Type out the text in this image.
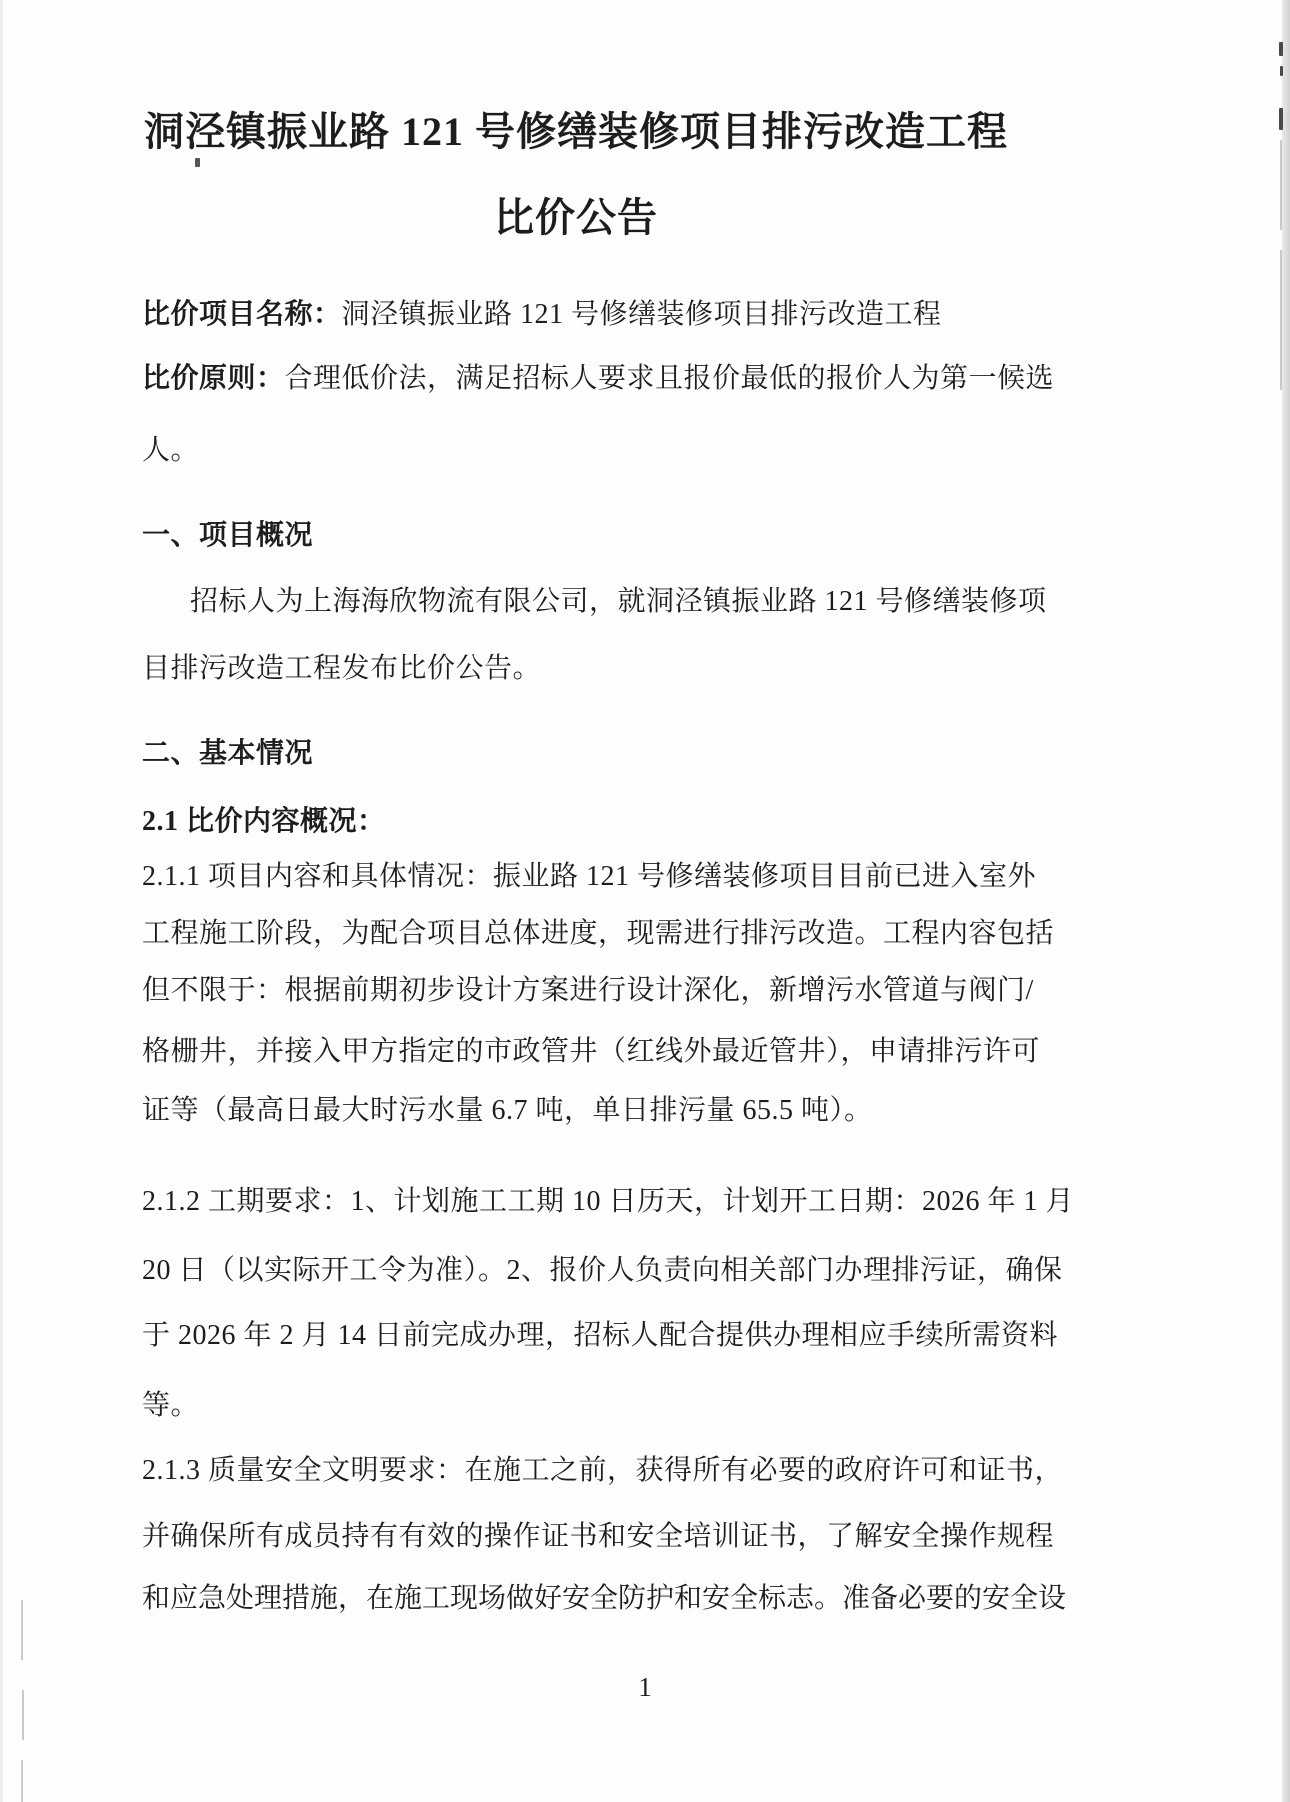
洞泾镇振业路 121 号修缮装修项目排污改造工程
比价公告
比价项目名称：洞泾镇振业路 121 号修缮装修项目排污改造工程
比价原则：合理低价法，满足招标人要求且报价最低的报价人为第一候选
人。
一、项目概况
招标人为上海海欣物流有限公司，就洞泾镇振业路 121 号修缮装修项
目排污改造工程发布比价公告。
二、基本情况
2.1 比价内容概况：
2.1.1 项目内容和具体情况：振业路 121 号修缮装修项目目前已进入室外
工程施工阶段，为配合项目总体进度，现需进行排污改造。工程内容包括
但不限于：根据前期初步设计方案进行设计深化，新增污水管道与阀门/
格栅井，并接入甲方指定的市政管井（红线外最近管井），申请排污许可
证等（最高日最大时污水量 6.7 吨，单日排污量 65.5 吨）。
2.1.2 工期要求：1、计划施工工期 10 日历天，计划开工日期：2026 年 1 月
20 日（以实际开工令为准）。2、报价人负责向相关部门办理排污证，确保
于 2026 年 2 月 14 日前完成办理，招标人配合提供办理相应手续所需资料
等。
2.1.3 质量安全文明要求：在施工之前，获得所有必要的政府许可和证书，
并确保所有成员持有有效的操作证书和安全培训证书，了解安全操作规程
和应急处理措施，在施工现场做好安全防护和安全标志。准备必要的安全设
1
